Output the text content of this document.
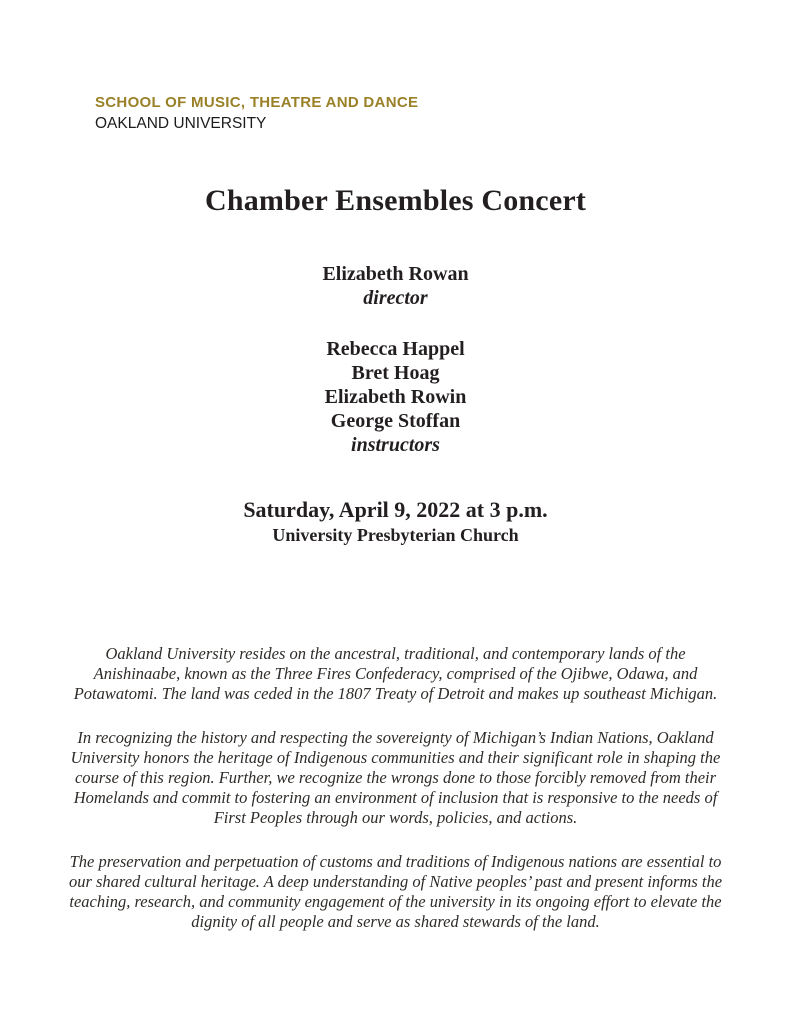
SCHOOL OF MUSIC, THEATRE AND DANCE
OAKLAND UNIVERSITY
Chamber Ensembles Concert
Elizabeth Rowan
director
Rebecca Happel
Bret Hoag
Elizabeth Rowin
George Stoffan
instructors
Saturday, April 9, 2022 at 3 p.m.
University Presbyterian Church

Oakland University resides on the ancestral, traditional, and contemporary lands of the Anishinaabe, known as the Three Fires Confederacy, comprised of the Ojibwe, Odawa, and Potawatomi. The land was ceded in the 1807 Treaty of Detroit and makes up southeast Michigan.

In recognizing the history and respecting the sovereignty of Michigan’s Indian Nations, Oakland University honors the heritage of Indigenous communities and their significant role in shaping the course of this region. Further, we recognize the wrongs done to those forcibly removed from their Homelands and commit to fostering an environment of inclusion that is responsive to the needs of First Peoples through our words, policies, and actions.

The preservation and perpetuation of customs and traditions of Indigenous nations are essential to our shared cultural heritage. A deep understanding of Native peoples’ past and present informs the teaching, research, and community engagement of the university in its ongoing effort to elevate the dignity of all people and serve as shared stewards of the land.
